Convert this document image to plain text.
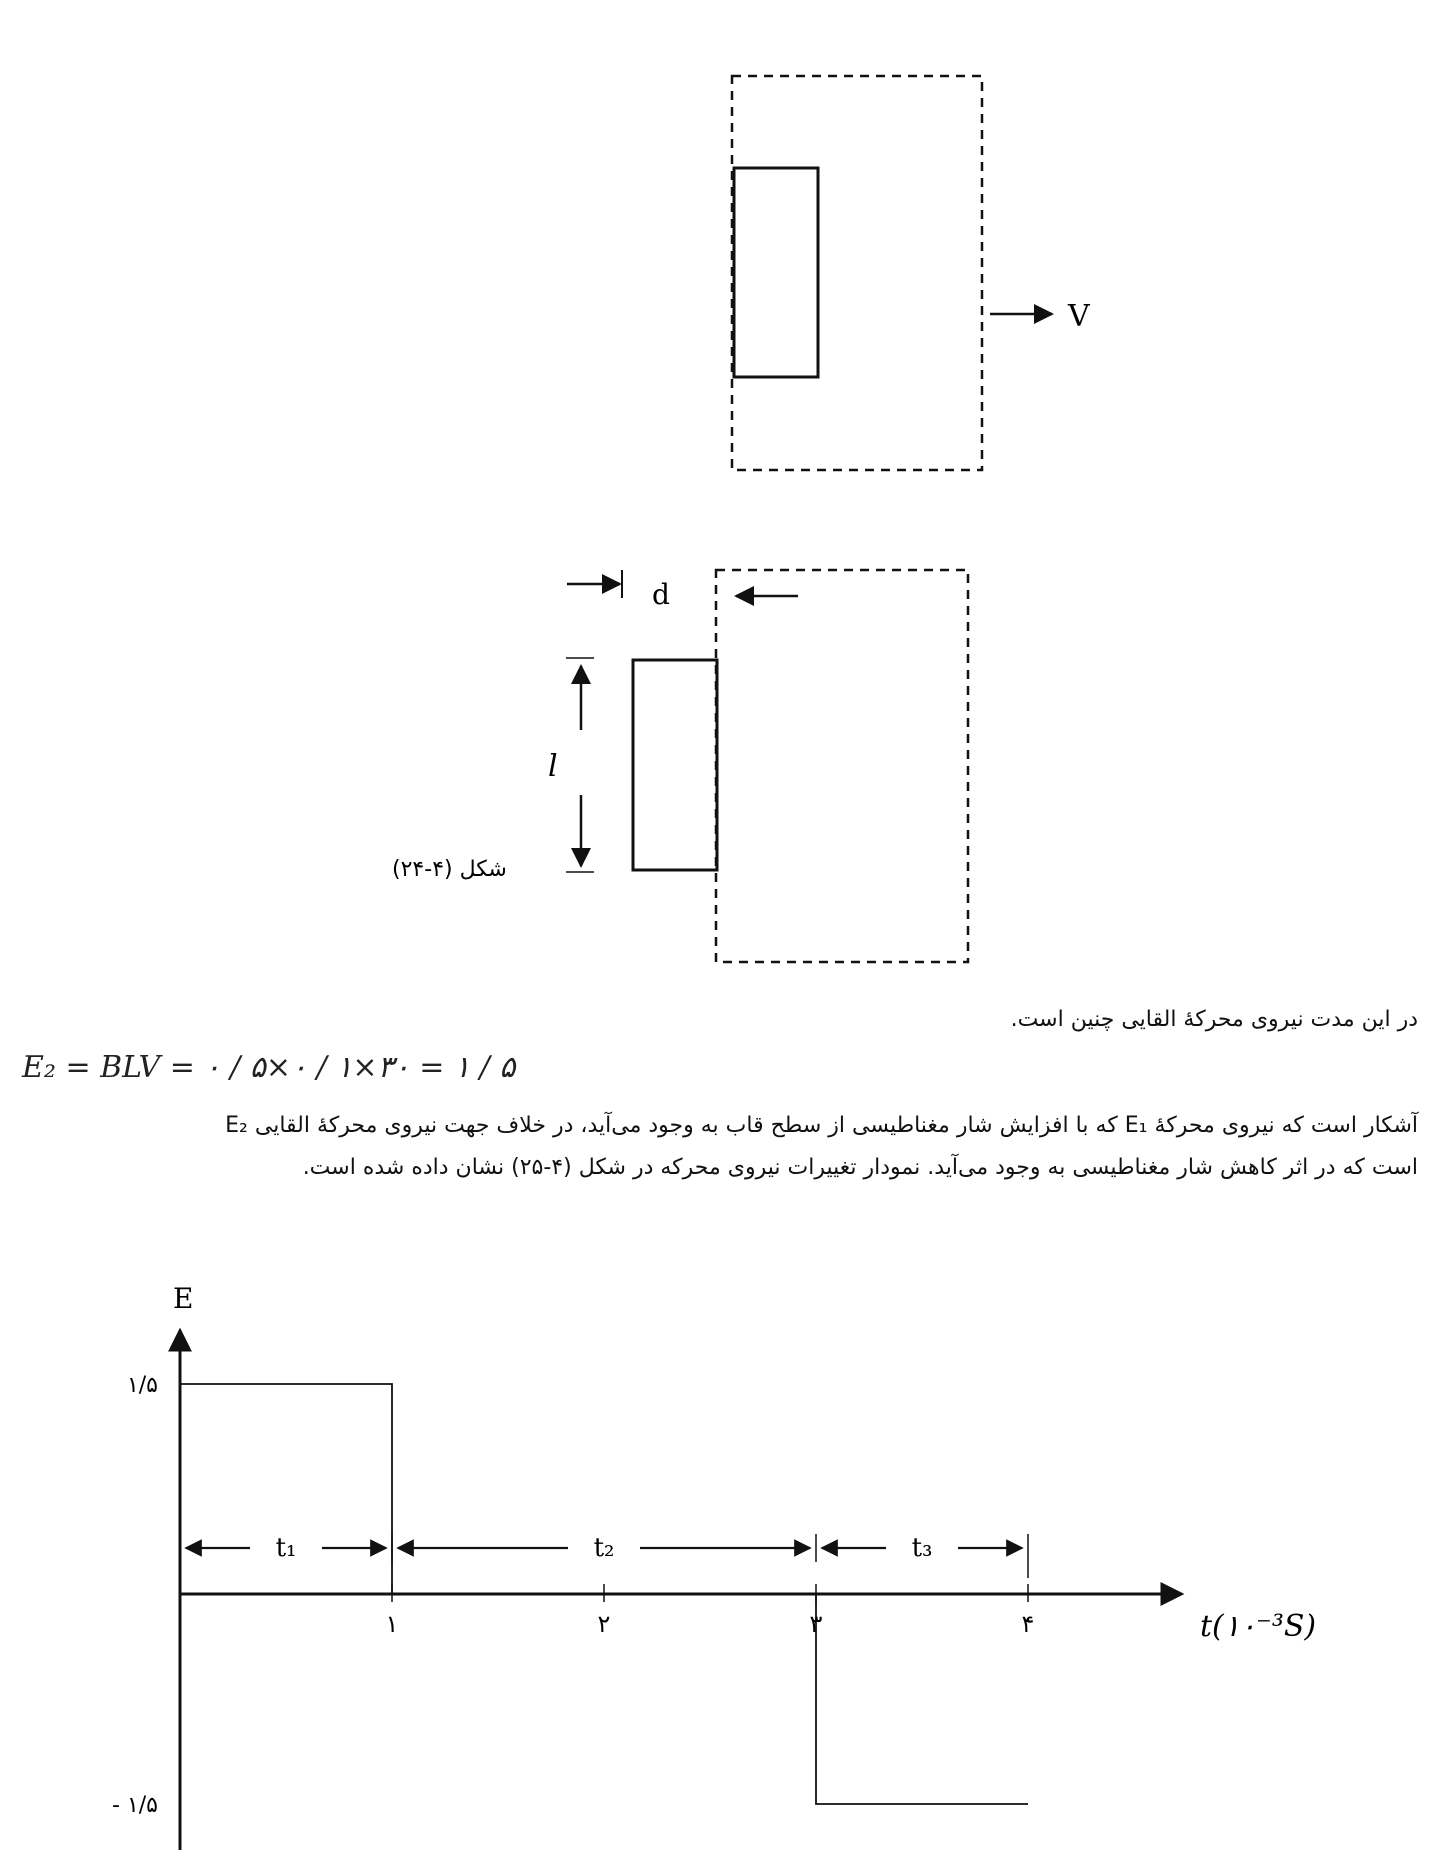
V
d
l
شکل (۴-۲۴)
E
t(۱۰⁻³S)
۱	۲	۳	۴
۱/۵
- ۱/۵
t₁	t₂	t₃
در این مدت نیروی محرکهٔ القایی چنین است.
E₂ = BLV = ۰ / ۵×۰ / ۱×۳۰ = ۱ / ۵
آشکار است که نیروی محرکهٔ E₁ که با افزایش شار مغناطیسی از سطح قاب به وجود می‌آید، در خلاف جهت نیروی محرکهٔ القایی E₂
است که در اثر کاهش شار مغناطیسی به وجود می‌آید. نمودار تغییرات نیروی محرکه در شکل (۴-۲۵) نشان داده شده است.
